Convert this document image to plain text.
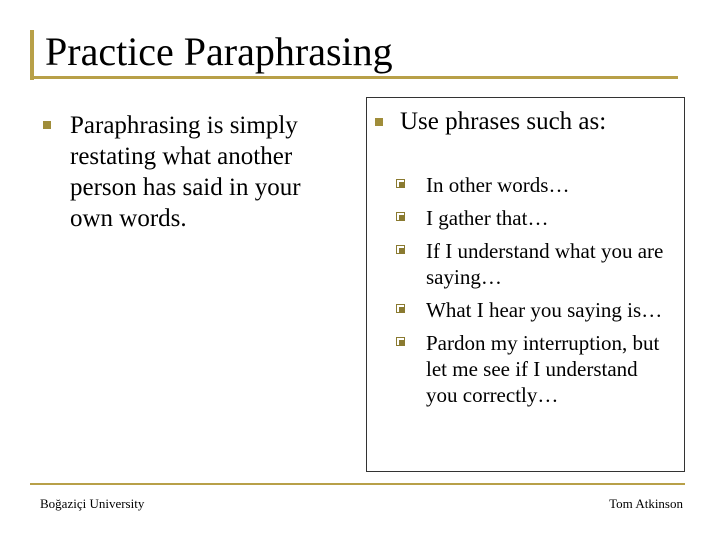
Practice Paraphrasing
Paraphrasing is simply restating what another person has said in your own words.
Use phrases such as:
In other words…
I gather that…
If I understand what you are saying…
What I hear you saying is…
Pardon my interruption, but let me see if I understand you correctly…
Boğaziçi University	Tom Atkinson
